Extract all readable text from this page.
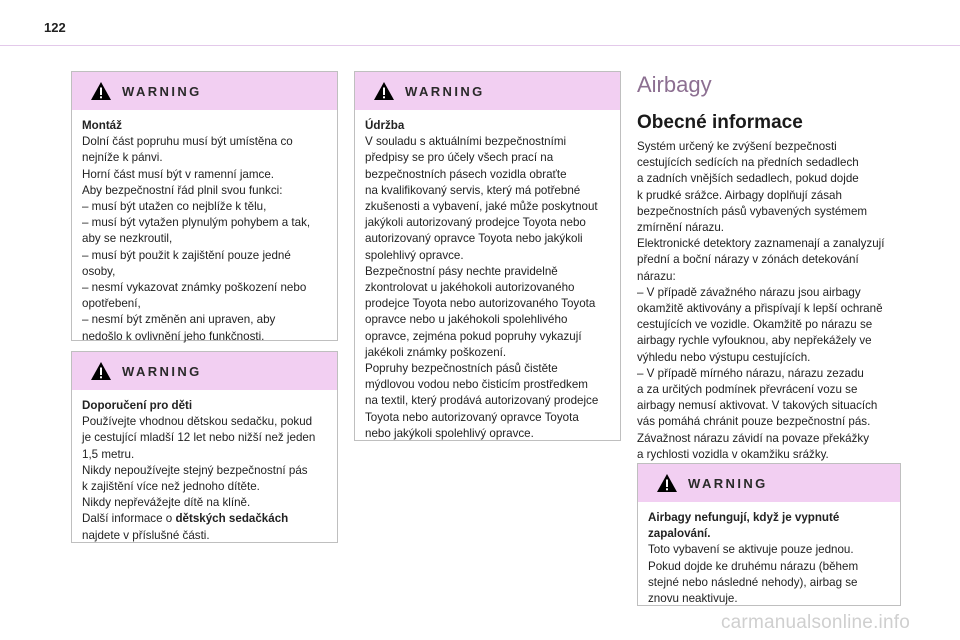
122
WARNING

Montáž

Dolní část popruhu musí být umístěna co

nejníže k pánvi.

Horní část musí být v ramenní jamce.

Aby bezpečnostní řád plnil svou funkci:

– musí být utažen co nejblíže k tělu,

– musí být vytažen plynulým pohybem a tak,

aby se nezkroutil,

– musí být použit k zajištění pouze jedné

osoby,

– nesmí vykazovat známky poškození nebo

opotřebení,

– nesmí být změněn ani upraven, aby

nedošlo k ovlivnění jeho funkčnosti.

WARNING

Doporučení pro děti

Používejte vhodnou dětskou sedačku, pokud

je cestující mladší 12 let nebo nižší než jeden

1,5 metru.

Nikdy nepoužívejte stejný bezpečnostní pás

k zajištění více než jednoho dítěte.

Nikdy nepřevážejte dítě na klíně.

Další informace o dětských sedačkách

najdete v příslušné části.

WARNING

Údržba

V souladu s aktuálními bezpečnostními

předpisy se pro účely všech prací na

bezpečnostních pásech vozidla obraťte

na kvalifikovaný servis, který má potřebné

zkušenosti a vybavení, jaké může poskytnout

jakýkoli autorizovaný prodejce Toyota nebo

autorizovaný opravce Toyota nebo jakýkoli

spolehlivý opravce.

Bezpečnostní pásy nechte pravidelně

zkontrolovat u jakéhokoli autorizovaného

prodejce Toyota nebo autorizovaného Toyota

opravce nebo u jakéhokoli spolehlivého

opravce, zejména pokud popruhy vykazují

jakékoli známky poškození.

Popruhy bezpečnostních pásů čistěte

mýdlovou vodou nebo čisticím prostředkem

na textil, který prodává autorizovaný prodejce

Toyota nebo autorizovaný opravce Toyota

nebo jakýkoli spolehlivý opravce.

Airbagy
Obecné informace

Systém určený ke zvýšení bezpečnosti

cestujících sedících na předních sedadlech

a zadních vnějších sedadlech, pokud dojde

k prudké srážce. Airbagy doplňují zásah

bezpečnostních pásů vybavených systémem

zmírnění nárazu.

Elektronické detektory zaznamenají a zanalyzují

přední a boční nárazy v zónách detekování

nárazu:

– V případě závažného nárazu jsou airbagy

okamžitě aktivovány a přispívají k lepší ochraně

cestujících ve vozidle. Okamžitě po nárazu se

airbagy rychle vyfouknou, aby nepřekážely ve

výhledu nebo výstupu cestujících.

– V případě mírného nárazu, nárazu zezadu

a za určitých podmínek převrácení vozu se

airbagy nemusí aktivovat. V takových situacích

vás pomáhá chránit pouze bezpečnostní pás.

Závažnost nárazu závidí na povaze překážky

a rychlosti vozidla v okamžiku srážky.

WARNING

Airbagy nefungují, když je vypnuté

zapalování.

Toto vybavení se aktivuje pouze jednou.

Pokud dojde ke druhému nárazu (během

stejné nebo následné nehody), airbag se

znovu neaktivuje.

carmanualsonline.info
